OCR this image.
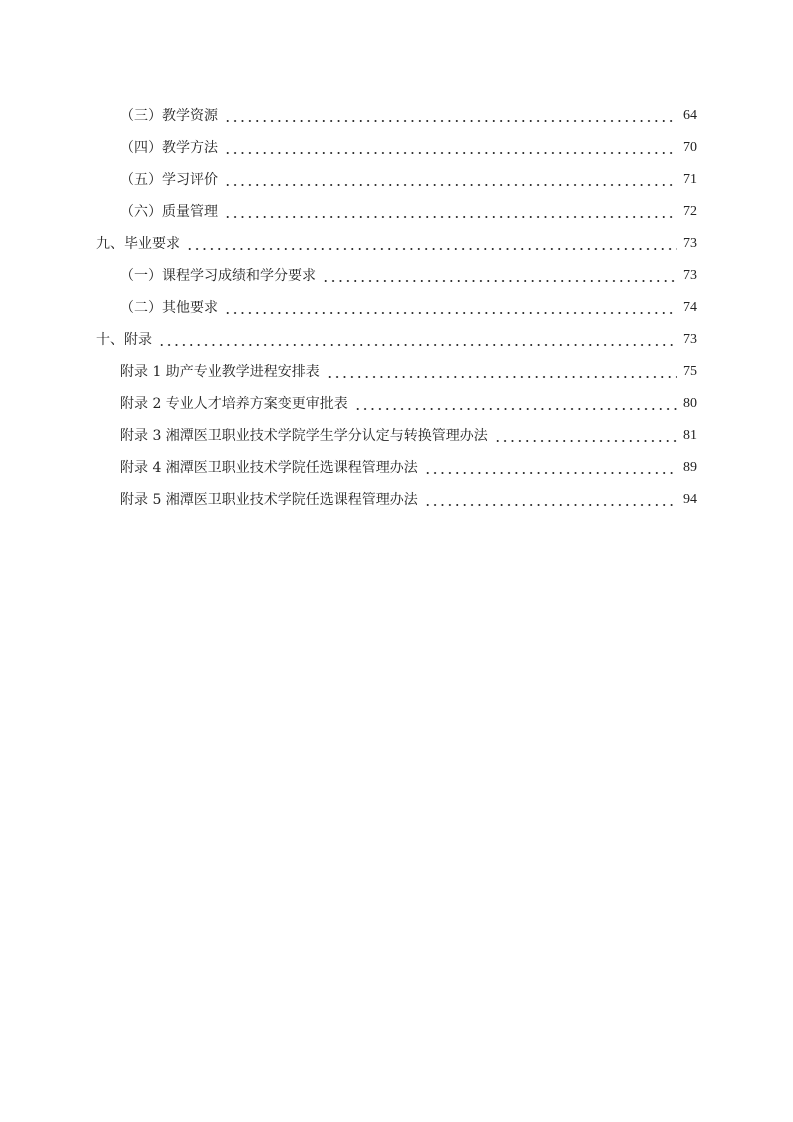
（三）教学资源	64
（四）教学方法	70
（五）学习评价	71
（六）质量管理	72
九、毕业要求	73
（一）课程学习成绩和学分要求	73
（二）其他要求	74
十、附录	73
附录 1 助产专业教学进程安排表	75
附录 2 专业人才培养方案变更审批表	80
附录 3 湘潭医卫职业技术学院学生学分认定与转换管理办法	81
附录 4 湘潭医卫职业技术学院任选课程管理办法	89
附录 5 湘潭医卫职业技术学院任选课程管理办法	94
